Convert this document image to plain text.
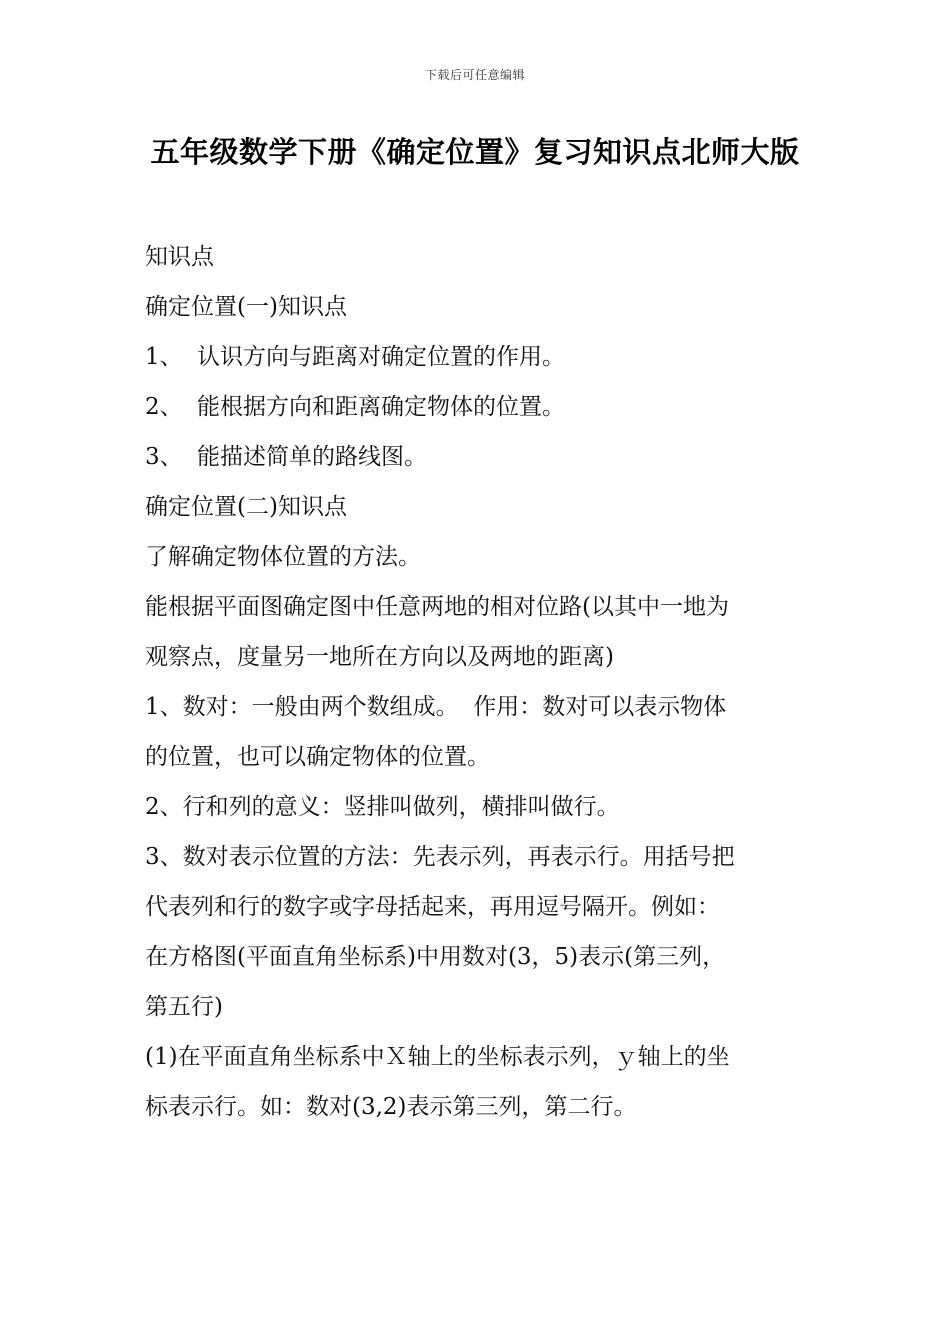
下载后可任意编辑
五年级数学下册《确定位置》复习知识点北师大版

知识点

确定位置(一)知识点

1、 认识方向与距离对确定位置的作用。

2、 能根据方向和距离确定物体的位置。

3、 能描述简单的路线图。

确定位置(二)知识点

了解确定物体位置的方法。

能根据平面图确定图中任意两地的相对位路(以其中一地为

观察点，度量另一地所在方向以及两地的距离)

1、数对：一般由两个数组成。  作用：数对可以表示物体

的位置，也可以确定物体的位置。

2、行和列的意义：竖排叫做列，横排叫做行。

3、数对表示位置的方法：先表示列，再表示行。用括号把

代表列和行的数字或字母括起来，再用逗号隔开。例如：

在方格图(平面直角坐标系)中用数对(3，5)表示(第三列，

第五行)

(1)在平面直角坐标系中Ｘ轴上的坐标表示列，ｙ轴上的坐

标表示行。如：数对(3,2)表示第三列，第二行。
